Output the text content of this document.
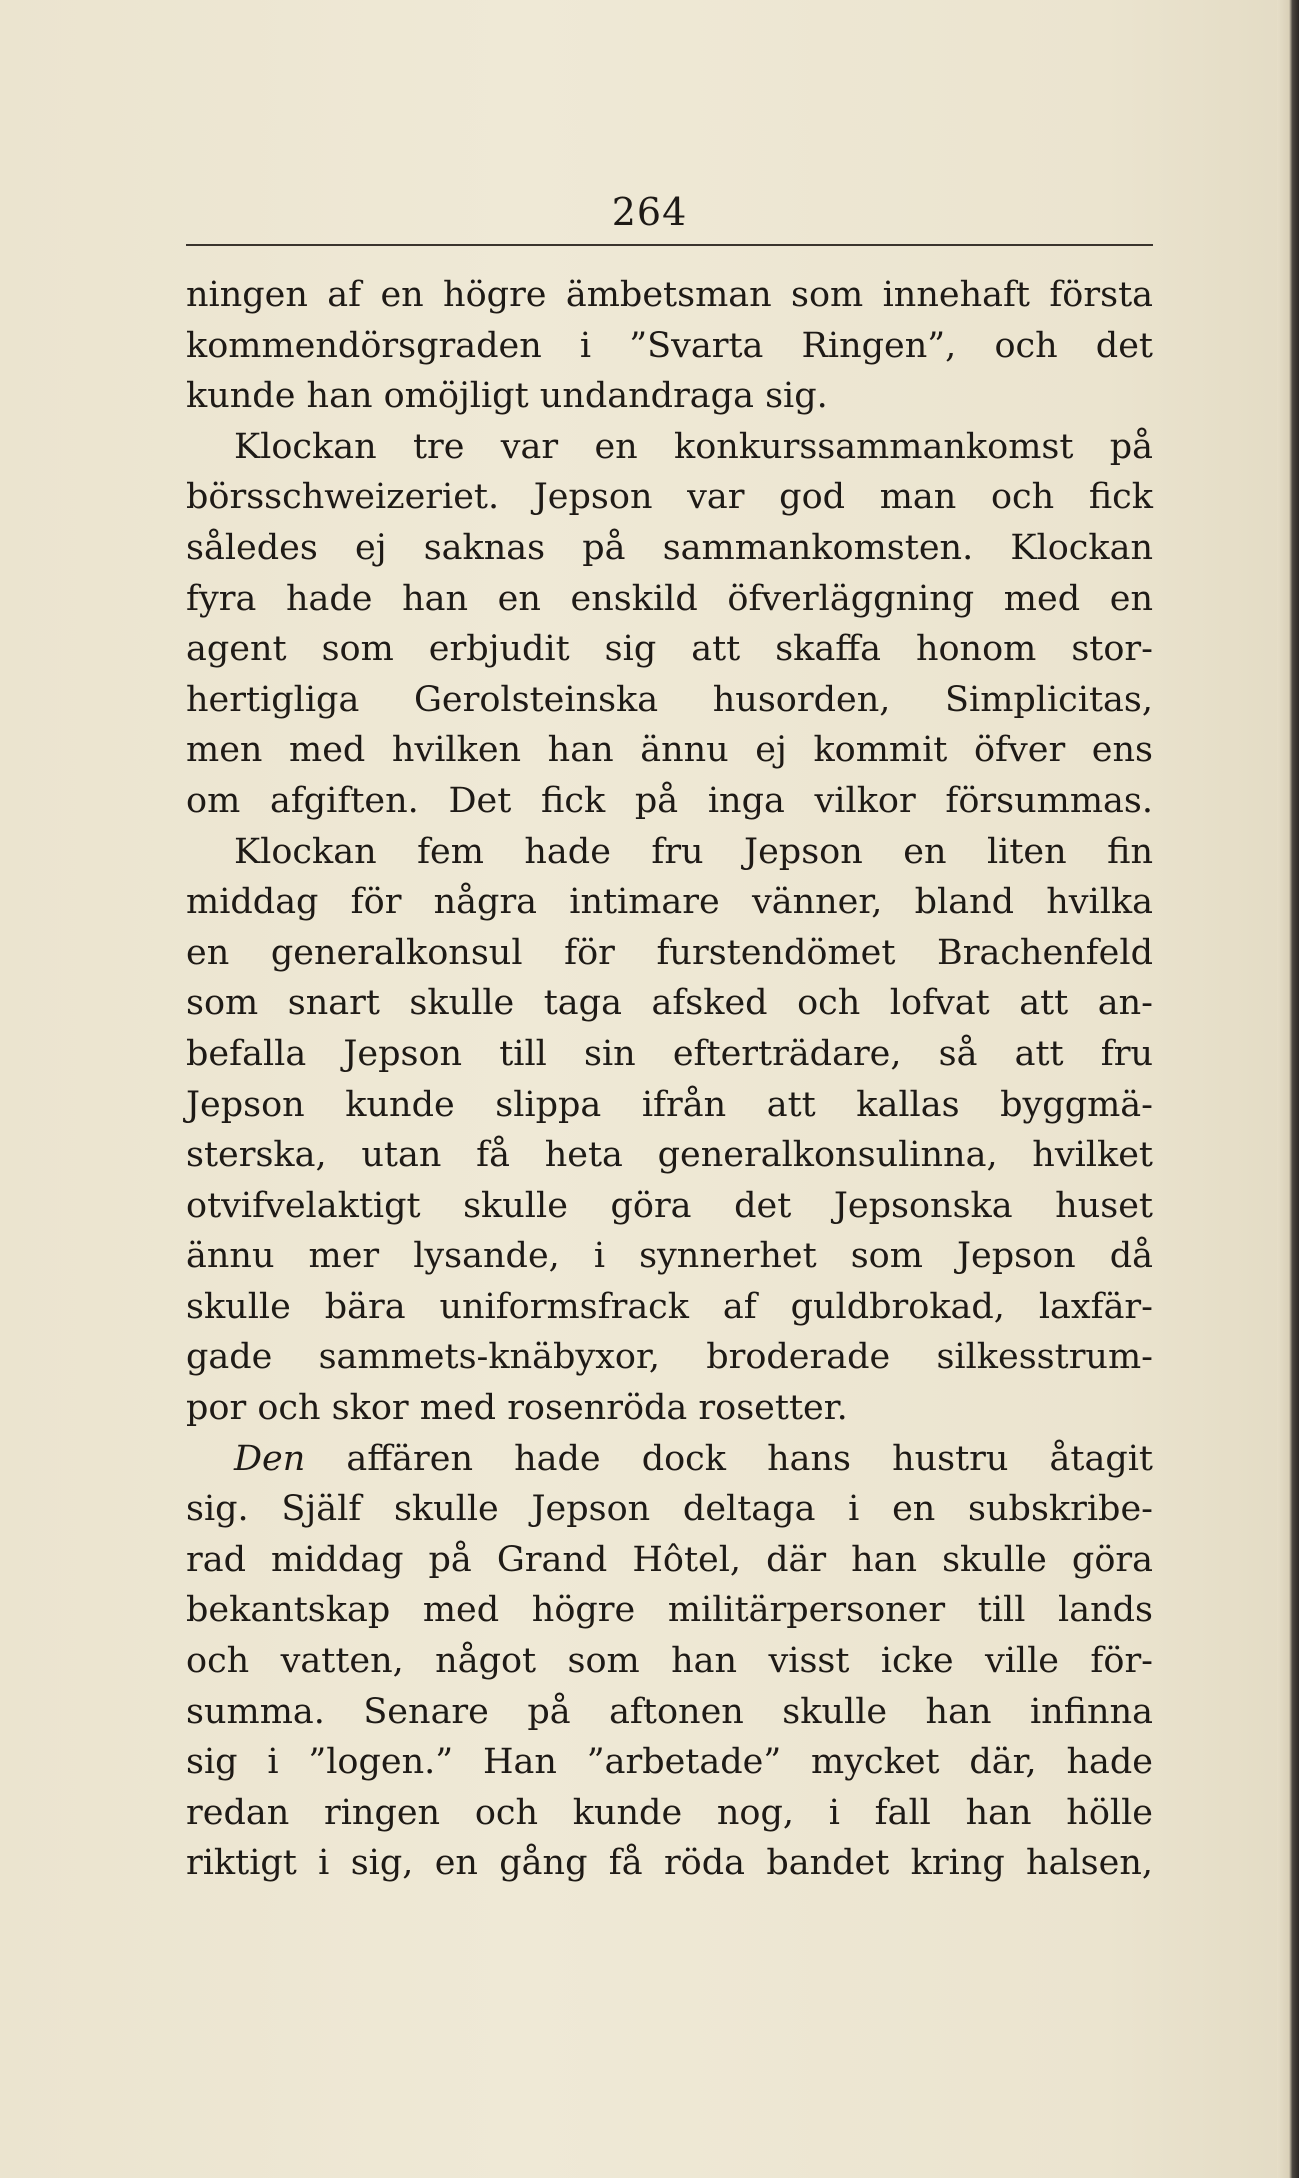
264
ningen af en högre ämbetsman som innehaft första
kommendörsgraden i ”Svarta Ringen”, och det
kunde han omöjligt undandraga sig.
Klockan tre var en konkurssammankomst på
börsschweizeriet. Jepson var god man och fick
således ej saknas på sammankomsten. Klockan
fyra hade han en enskild öfverläggning med en
agent som erbjudit sig att skaffa honom stor-
hertigliga Gerolsteinska husorden, Simplicitas,
men med hvilken han ännu ej kommit öfver ens
om afgiften. Det fick på inga vilkor försummas.
Klockan fem hade fru Jepson en liten fin
middag för några intimare vänner, bland hvilka
en generalkonsul för furstendömet Brachenfeld
som snart skulle taga afsked och lofvat att an-
befalla Jepson till sin efterträdare, så att fru
Jepson kunde slippa ifrån att kallas byggmä-
sterska, utan få heta generalkonsulinna, hvilket
otvifvelaktigt skulle göra det Jepsonska huset
ännu mer lysande, i synnerhet som Jepson då
skulle bära uniformsfrack af guldbrokad, laxfär-
gade sammets-knäbyxor, broderade silkesstrum-
por och skor med rosenröda rosetter.
Den affären hade dock hans hustru åtagit
sig. Själf skulle Jepson deltaga i en subskribe-
rad middag på Grand Hôtel, där han skulle göra
bekantskap med högre militärpersoner till lands
och vatten, något som han visst icke ville för-
summa. Senare på aftonen skulle han infinna
sig i ”logen.” Han ”arbetade” mycket där, hade
redan ringen och kunde nog, i fall han hölle
riktigt i sig, en gång få röda bandet kring halsen,
